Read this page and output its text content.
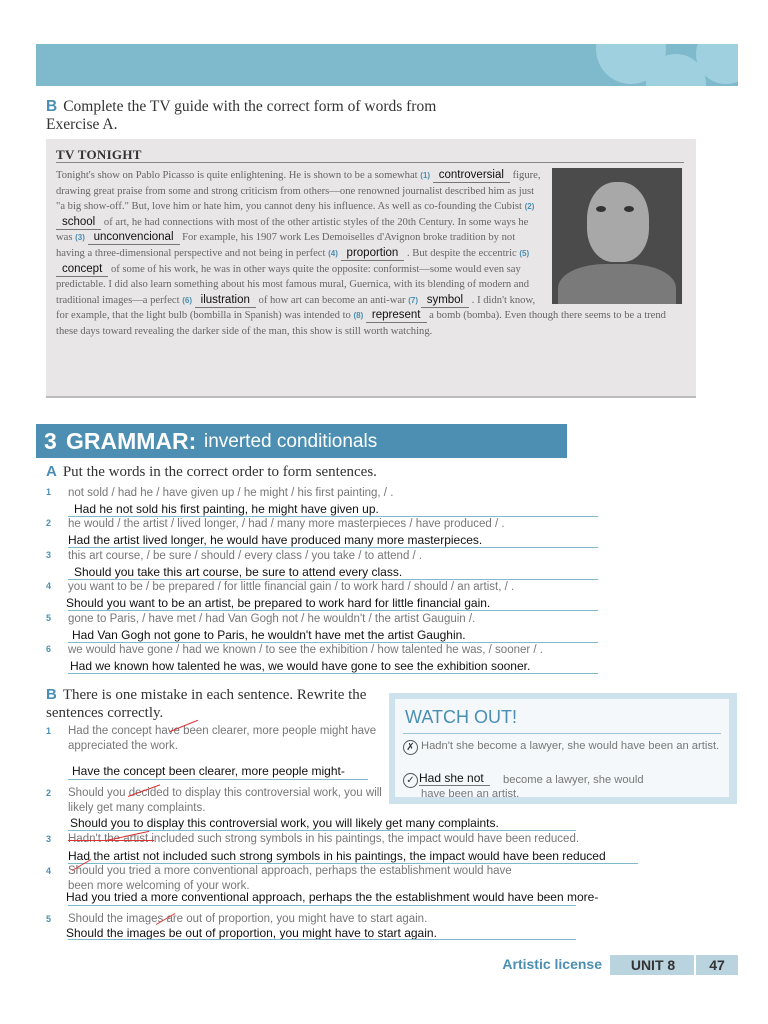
B Complete the TV guide with the correct form of words from Exercise A.
TV TONIGHT
Tonight's show on Pablo Picasso is quite enlightening. He is shown to be a somewhat (1) controversial figure, drawing great praise from some and strong criticism from others—one renowned journalist described him as just "a big show-off." But, love him or hate him, you cannot deny his influence. As well as co-founding the Cubist (2) school of art, he had connections with most of the other artistic styles of the 20th Century. In some ways he was (3) unconvencional For example, his 1907 work Les Demoiselles d'Avignon broke tradition by not having a three-dimensional perspective and not being in perfect (4) proportion . But despite the eccentric (5) concept of some of his work, he was in other ways quite the opposite: conformist—some would even say predictable. I did also learn something about his most famous mural, Guernica, with its blending of modern and traditional images—a perfect (6) ilustration of how art can become an anti-war (7) symbol . I didn't know, for example, that the light bulb (bombilla in Spanish) was intended to (8) represent a bomb (bomba). Even though there seems to be a trend these days toward revealing the darker side of the man, this show is still worth watching.
3 GRAMMAR: inverted conditionals
A Put the words in the correct order to form sentences.
1 not sold / had he / have given up / he might / his first painting, / .
Had he not sold his first painting, he might have given up.
2 he would / the artist / lived longer, / had / many more masterpieces / have produced / .
Had the artist lived longer, he would have produced many more masterpieces.
3 this art course, / be sure / should / every class / you take / to attend / .
Should you take this art course, be sure to attend every class.
4 you want to be / be prepared / for little financial gain / to work hard / should / an artist, / .
Should you want to be an artist, be prepared to work hard for little financial gain.
5 gone to Paris, / have met / had Van Gogh not / he wouldn't / the artist Gauguin /.
Had Van Gogh not gone to Paris, he wouldn't have met the artist Gaughin.
6 we would have gone / had we known / to see the exhibition / how talented he was, / sooner / .
Had we known how talented he was, we would have gone to see the exhibition sooner.
B There is one mistake in each sentence. Rewrite the sentences correctly.
1 Had the concept have been clearer, more people might have appreciated the work.
Have the concept been clearer, more people might-
2 Should you decided to display this controversial work, you will likely get many complaints.
Should you to display this controversial work, you will likely get many complaints.
3 Hadn't the artist included such strong symbols in his paintings, the impact would have been reduced.
Had the artist not included such strong symbols in his paintings, the impact would have been reduced
4 Should you tried a more conventional approach, perhaps the establishment would have been more welcoming of your work.
Had you tried a more conventional approach, perhaps the the establishment would have been more-
5 Should the images are out of proportion, you might have to start again.
Should the images be out of proportion, you might have to start again.
WATCH OUT!
✗ Hadn't she become a lawyer, she would have been an artist.
✓ Had she not	become a lawyer, she would
have been an artist.
Artistic license	UNIT 8	47
